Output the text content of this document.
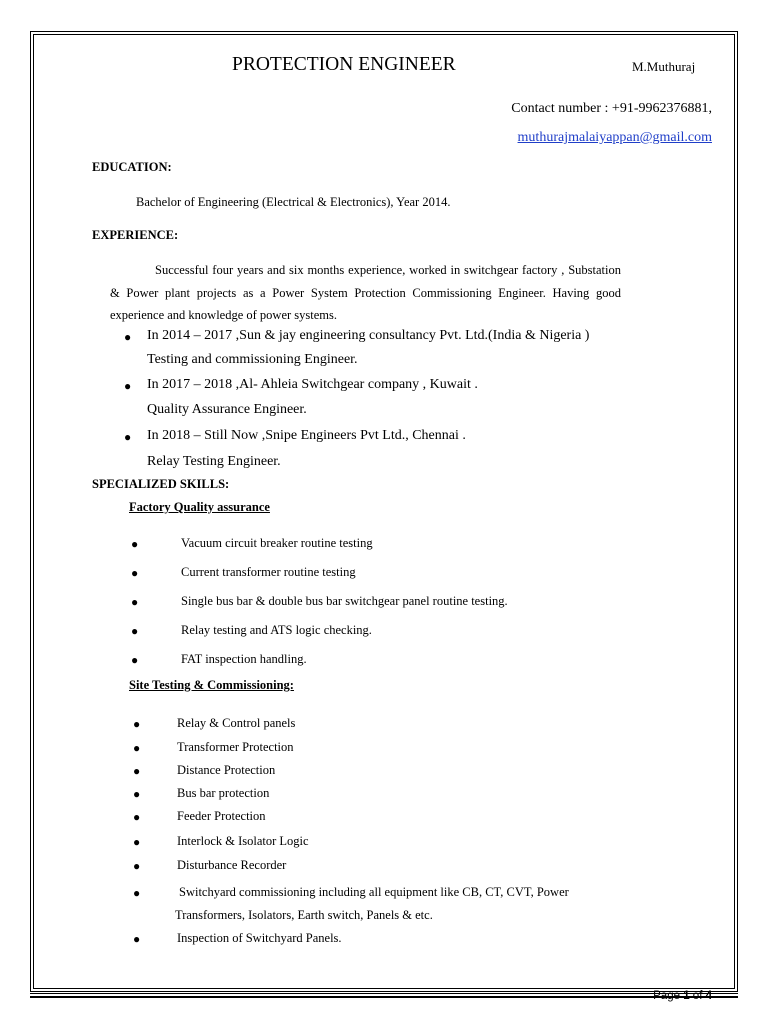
PROTECTION ENGINEER	M.Muthuraj
Contact number : +91-9962376881,
muthurajmalaiyappan@gmail.com
EDUCATION:
Bachelor of Engineering (Electrical & Electronics), Year 2014.
EXPERIENCE:
Successful four years and six months experience, worked in switchgear factory , Substation
& Power plant projects as a Power System Protection Commissioning Engineer. Having good
experience and knowledge of power systems.
● In 2014 – 2017 ,Sun & jay engineering consultancy Pvt. Ltd.(India & Nigeria )
Testing and commissioning Engineer.
● In 2017 – 2018 ,Al- Ahleia Switchgear company , Kuwait .
Quality Assurance Engineer.
● In 2018 – Still Now ,Snipe Engineers Pvt Ltd., Chennai .
Relay Testing Engineer.
SPECIALIZED SKILLS:
Factory Quality assurance
●	Vacuum circuit breaker routine testing
●	Current transformer routine testing
●	Single bus bar & double bus bar switchgear panel routine testing.
●	Relay testing and ATS logic checking.
●	FAT inspection handling.
Site Testing & Commissioning:
●	Relay & Control panels
●	Transformer Protection
●	Distance Protection
●	Bus bar protection
●	Feeder Protection
●	Interlock & Isolator Logic
●	Disturbance Recorder
●	Switchyard commissioning including all equipment like CB, CT, CVT, Power
Transformers, Isolators, Earth switch, Panels & etc.
●	Inspection of Switchyard Panels.
Page 1 of 4
